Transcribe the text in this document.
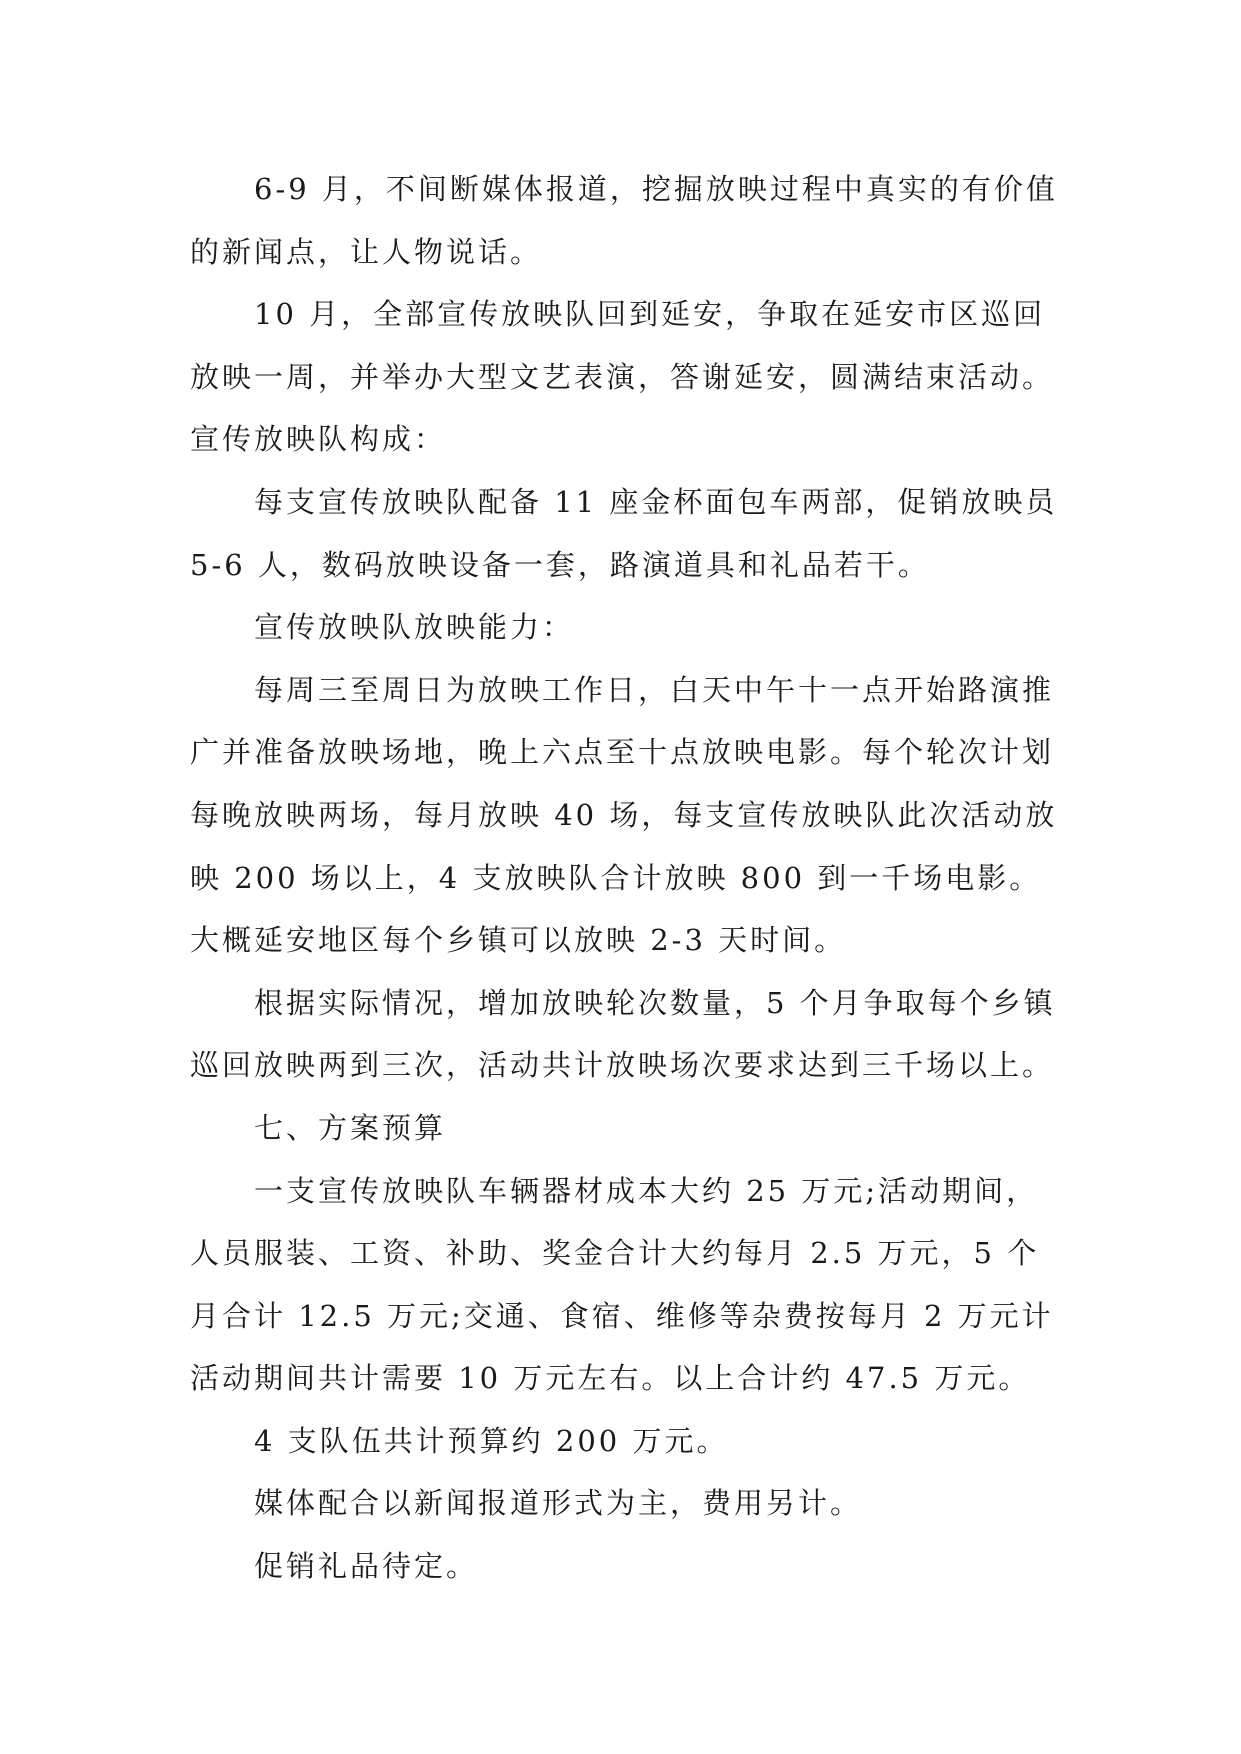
6-9 月，不间断媒体报道，挖掘放映过程中真实的有价值的新闻点，让人物说话。

10 月，全部宣传放映队回到延安，争取在延安市区巡回放映一周，并举办大型文艺表演，答谢延安，圆满结束活动。

宣传放映队构成：

每支宣传放映队配备 11 座金杯面包车两部，促销放映员 5-6 人，数码放映设备一套，路演道具和礼品若干。

宣传放映队放映能力：

每周三至周日为放映工作日，白天中午十一点开始路演推广并准备放映场地，晚上六点至十点放映电影。每个轮次计划每晚放映两场，每月放映 40 场，每支宣传放映队此次活动放映 200 场以上，4 支放映队合计放映 800 到一千场电影。大概延安地区每个乡镇可以放映 2-3 天时间。

根据实际情况，增加放映轮次数量，5 个月争取每个乡镇巡回放映两到三次，活动共计放映场次要求达到三千场以上。

七、方案预算

一支宣传放映队车辆器材成本大约 25 万元;活动期间，人员服装、工资、补助、奖金合计大约每月 2.5 万元，5 个月合计 12.5 万元;交通、食宿、维修等杂费按每月 2 万元计活动期间共计需要 10 万元左右。以上合计约 47.5 万元。

4 支队伍共计预算约 200 万元。

媒体配合以新闻报道形式为主，费用另计。

促销礼品待定。
